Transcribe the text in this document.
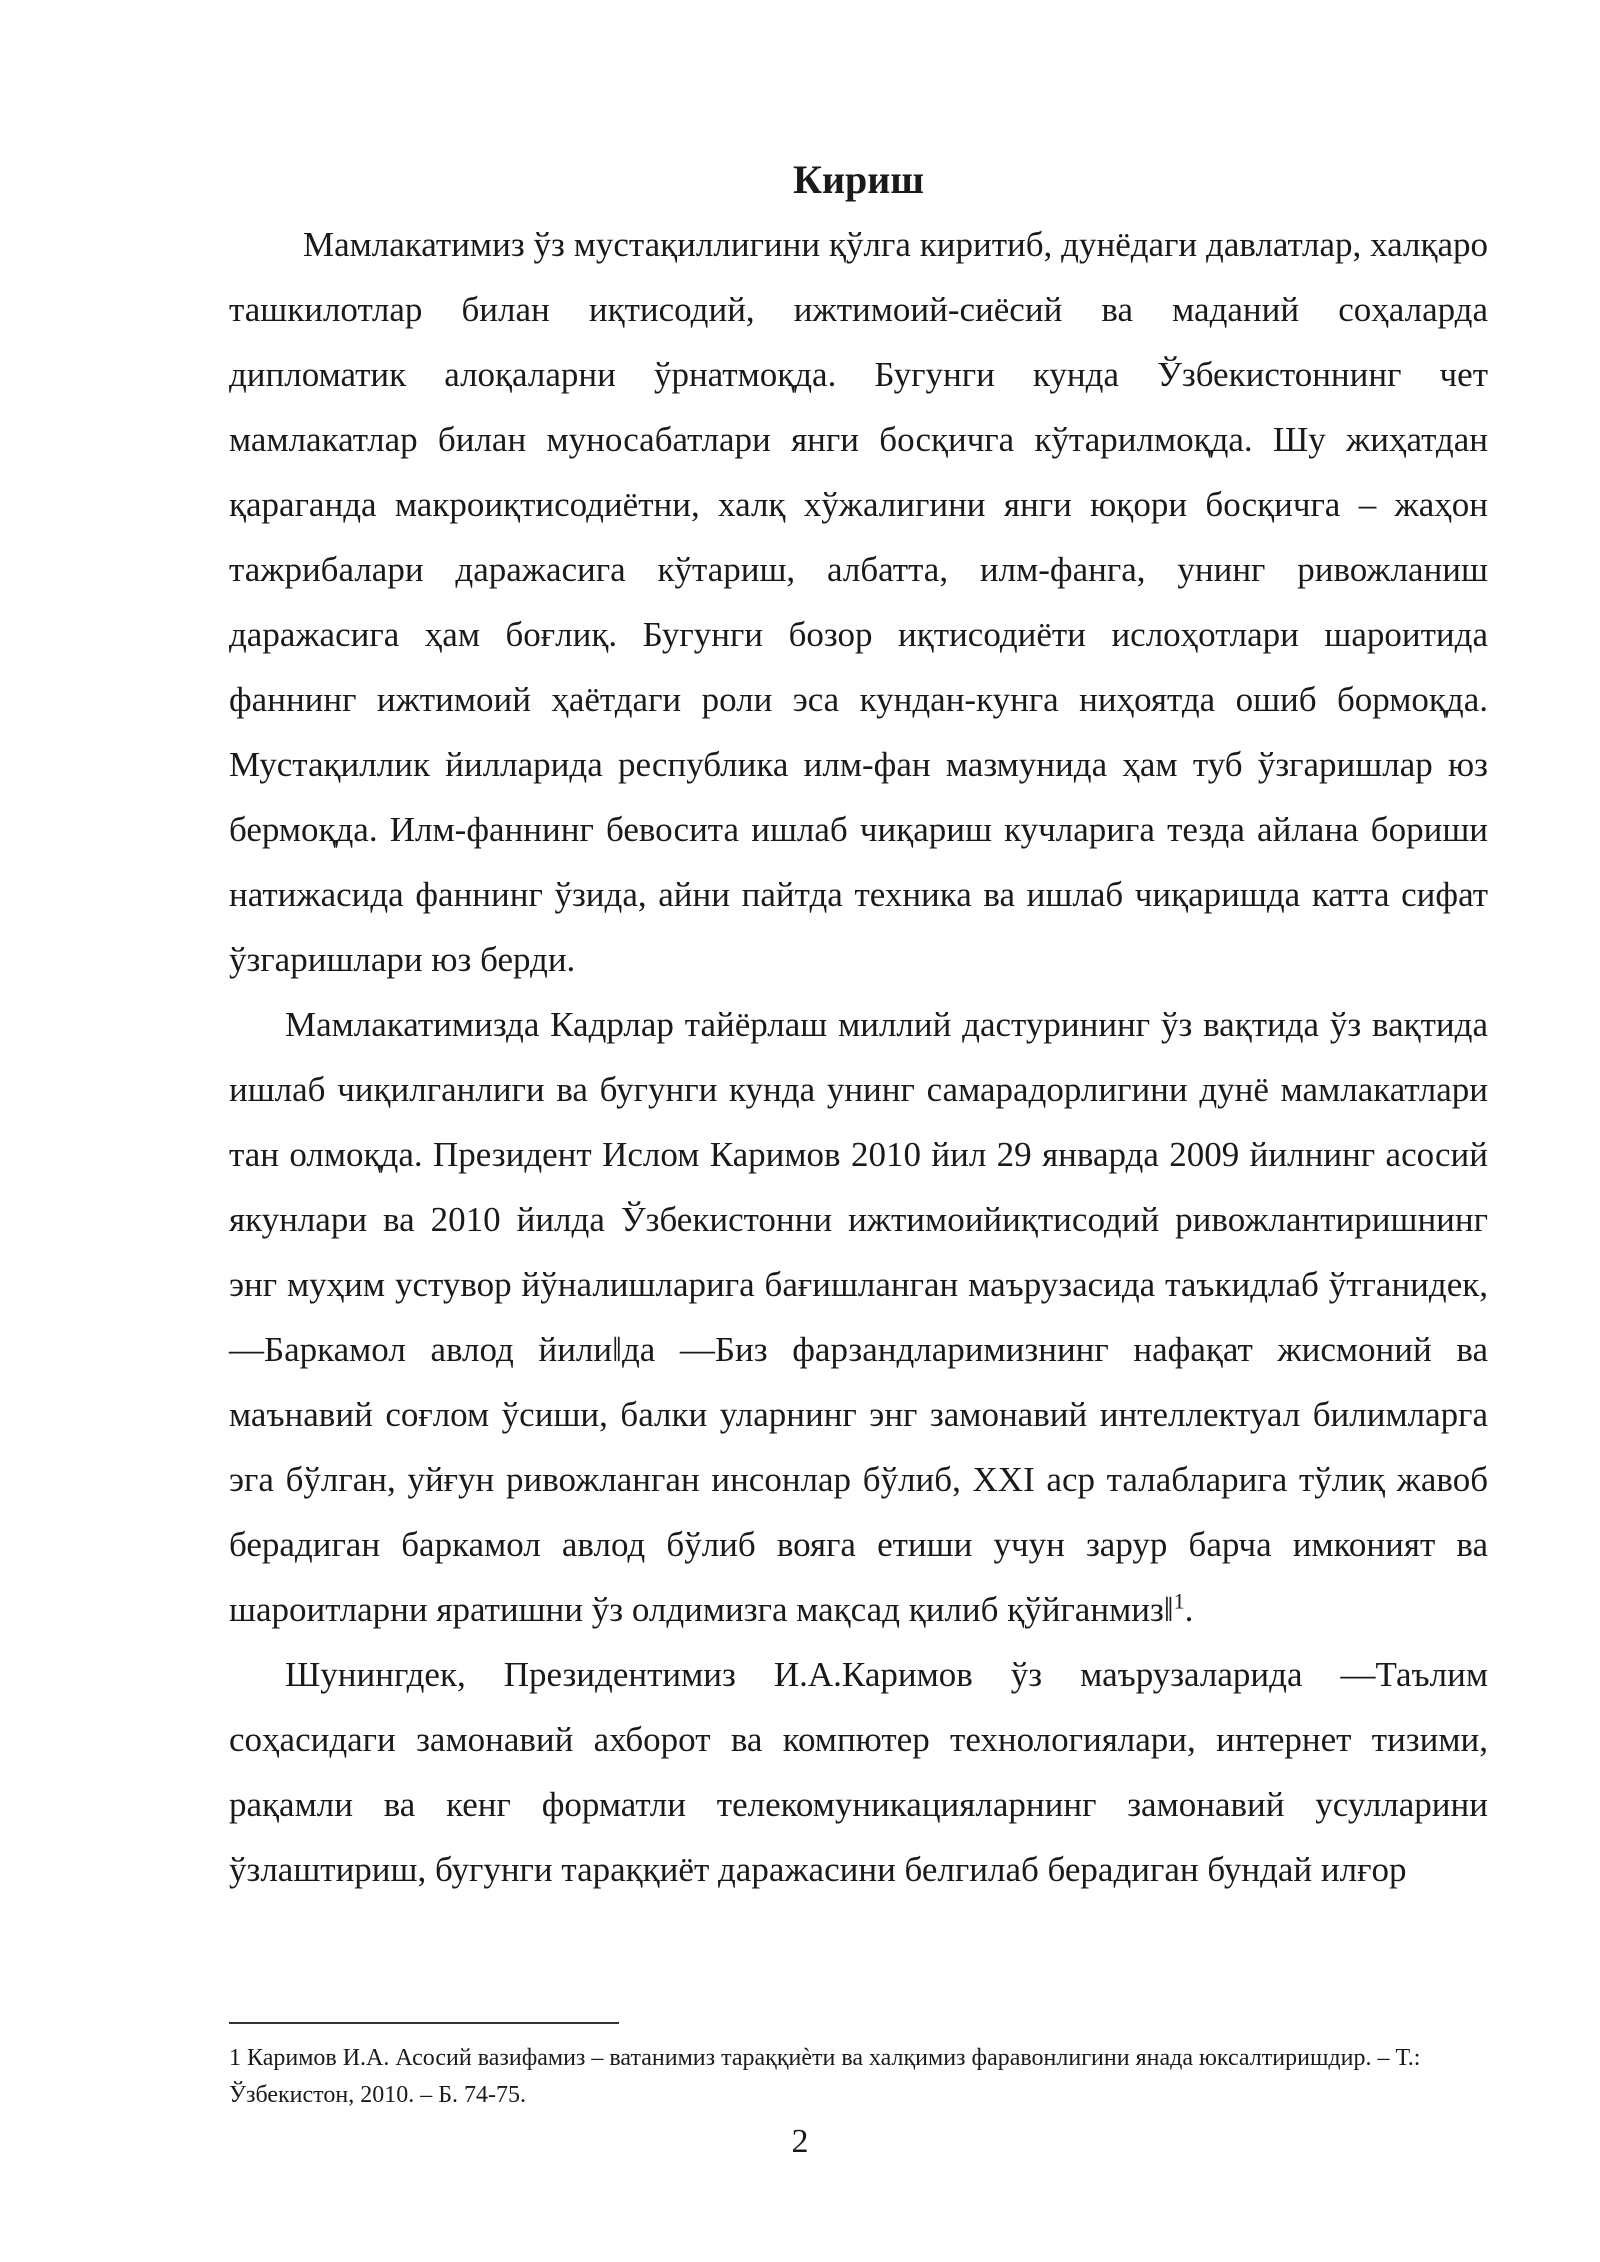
Кириш

Мамлакатимиз ўз мустақиллигини қўлга киритиб, дунёдаги давлатлар, халқаро ташкилотлар билан иқтисодий, ижтимоий-сиёсий ва маданий соҳаларда дипломатик алоқаларни ўрнатмоқда. Бугунги кунда Ўзбекистоннинг чет мамлакатлар билан муносабатлари янги босқичга кўтарилмоқда. Шу жиҳатдан қараганда макроиқтисодиётни, халқ хўжалигини янги юқори босқичга – жаҳон тажрибалари даражасига кўтариш, албатта, илм-фанга, унинг ривожланиш даражасига ҳам боғлиқ. Бугунги бозор иқтисодиёти ислоҳотлари шароитида фаннинг ижтимоий ҳаётдаги роли эса кундан-кунга ниҳоятда ошиб бормоқда. Мустақиллик йилларида республика илм-фан мазмунида ҳам туб ўзгаришлар юз бермоқда. Илм-фаннинг бевосита ишлаб чиқариш кучларига тезда айлана бориши натижасида фаннинг ўзида, айни пайтда техника ва ишлаб чиқаришда катта сифат ўзгаришлари юз берди.

Мамлакатимизда Кадрлар тайёрлаш миллий дастурининг ўз вақтида ўз вақтида ишлаб чиқилганлиги ва бугунги кунда унинг самарадорлигини дунё мамлакатлари тан олмоқда. Президент Ислом Каримов 2010 йил 29 январда 2009 йилнинг асосий якунлари ва 2010 йилда Ўзбекистонни ижтимоийиқтисодий ривожлантиришнинг энг муҳим устувор йўналишларига бағишланган маърузасида таъкидлаб ўтганидек, ―Баркамол авлод йили‖да ―Биз фарзандларимизнинг нафақат жисмоний ва маънавий соғлом ўсиши, балки уларнинг энг замонавий интеллектуал билимларга эга бўлган, уйғун ривожланган инсонлар бўлиб, XXI аср талабларига тўлиқ жавоб берадиган баркамол авлод бўлиб вояга етиши учун зарур барча имконият ва шароитларни яратишни ўз олдимизга мақсад қилиб қўйганмиз‖$^1$.

Шунингдек, Президентимиз И.А.Каримов ўз маърузаларида ―Таълим соҳасидаги замонавий ахборот ва компютер технологиялари, интернет тизими, рақамли ва кенг форматли телекомуникацияларнинг замонавий усулларини ўзлаштириш, бугунги тараққиёт даражасини белгилаб берадиган бундай илғор

1 Каримов И.А. Асосий вазифамиз – ватанимиз тараққиѐти ва халқимиз фаравонлигини янада юксалтиришдир. – Т.: Ўзбекистон, 2010. – Б. 74-75.

2
